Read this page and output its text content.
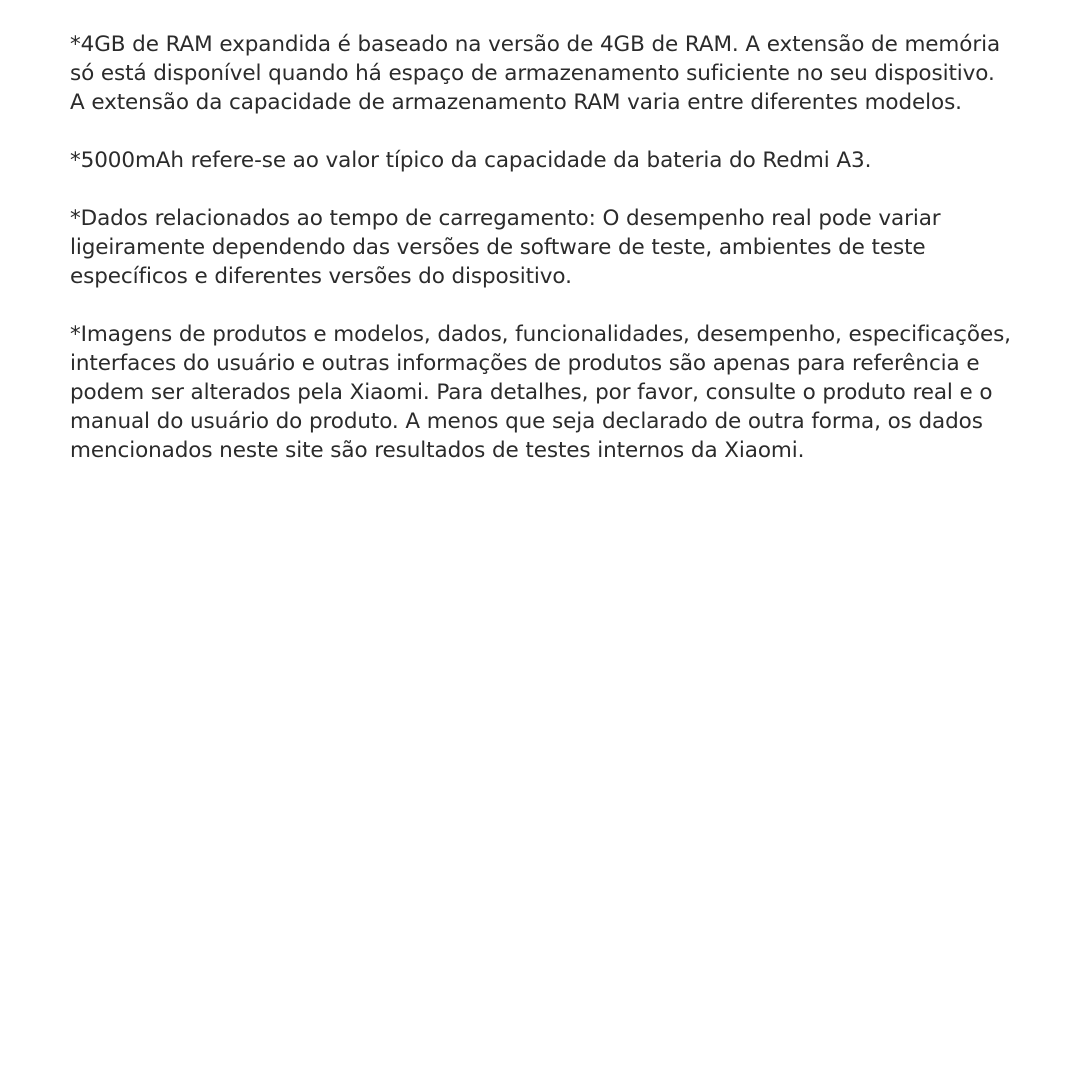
*4GB de RAM expandida é baseado na versão de 4GB de RAM. A extensão de memória
só está disponível quando há espaço de armazenamento suficiente no seu dispositivo.
A extensão da capacidade de armazenamento RAM varia entre diferentes modelos.

*5000mAh refere-se ao valor típico da capacidade da bateria do Redmi A3.

*Dados relacionados ao tempo de carregamento: O desempenho real pode variar
ligeiramente dependendo das versões de software de teste, ambientes de teste
específicos e diferentes versões do dispositivo.

*Imagens de produtos e modelos, dados, funcionalidades, desempenho, especificações,
interfaces do usuário e outras informações de produtos são apenas para referência e
podem ser alterados pela Xiaomi. Para detalhes, por favor, consulte o produto real e o
manual do usuário do produto. A menos que seja declarado de outra forma, os dados
mencionados neste site são resultados de testes internos da Xiaomi.
